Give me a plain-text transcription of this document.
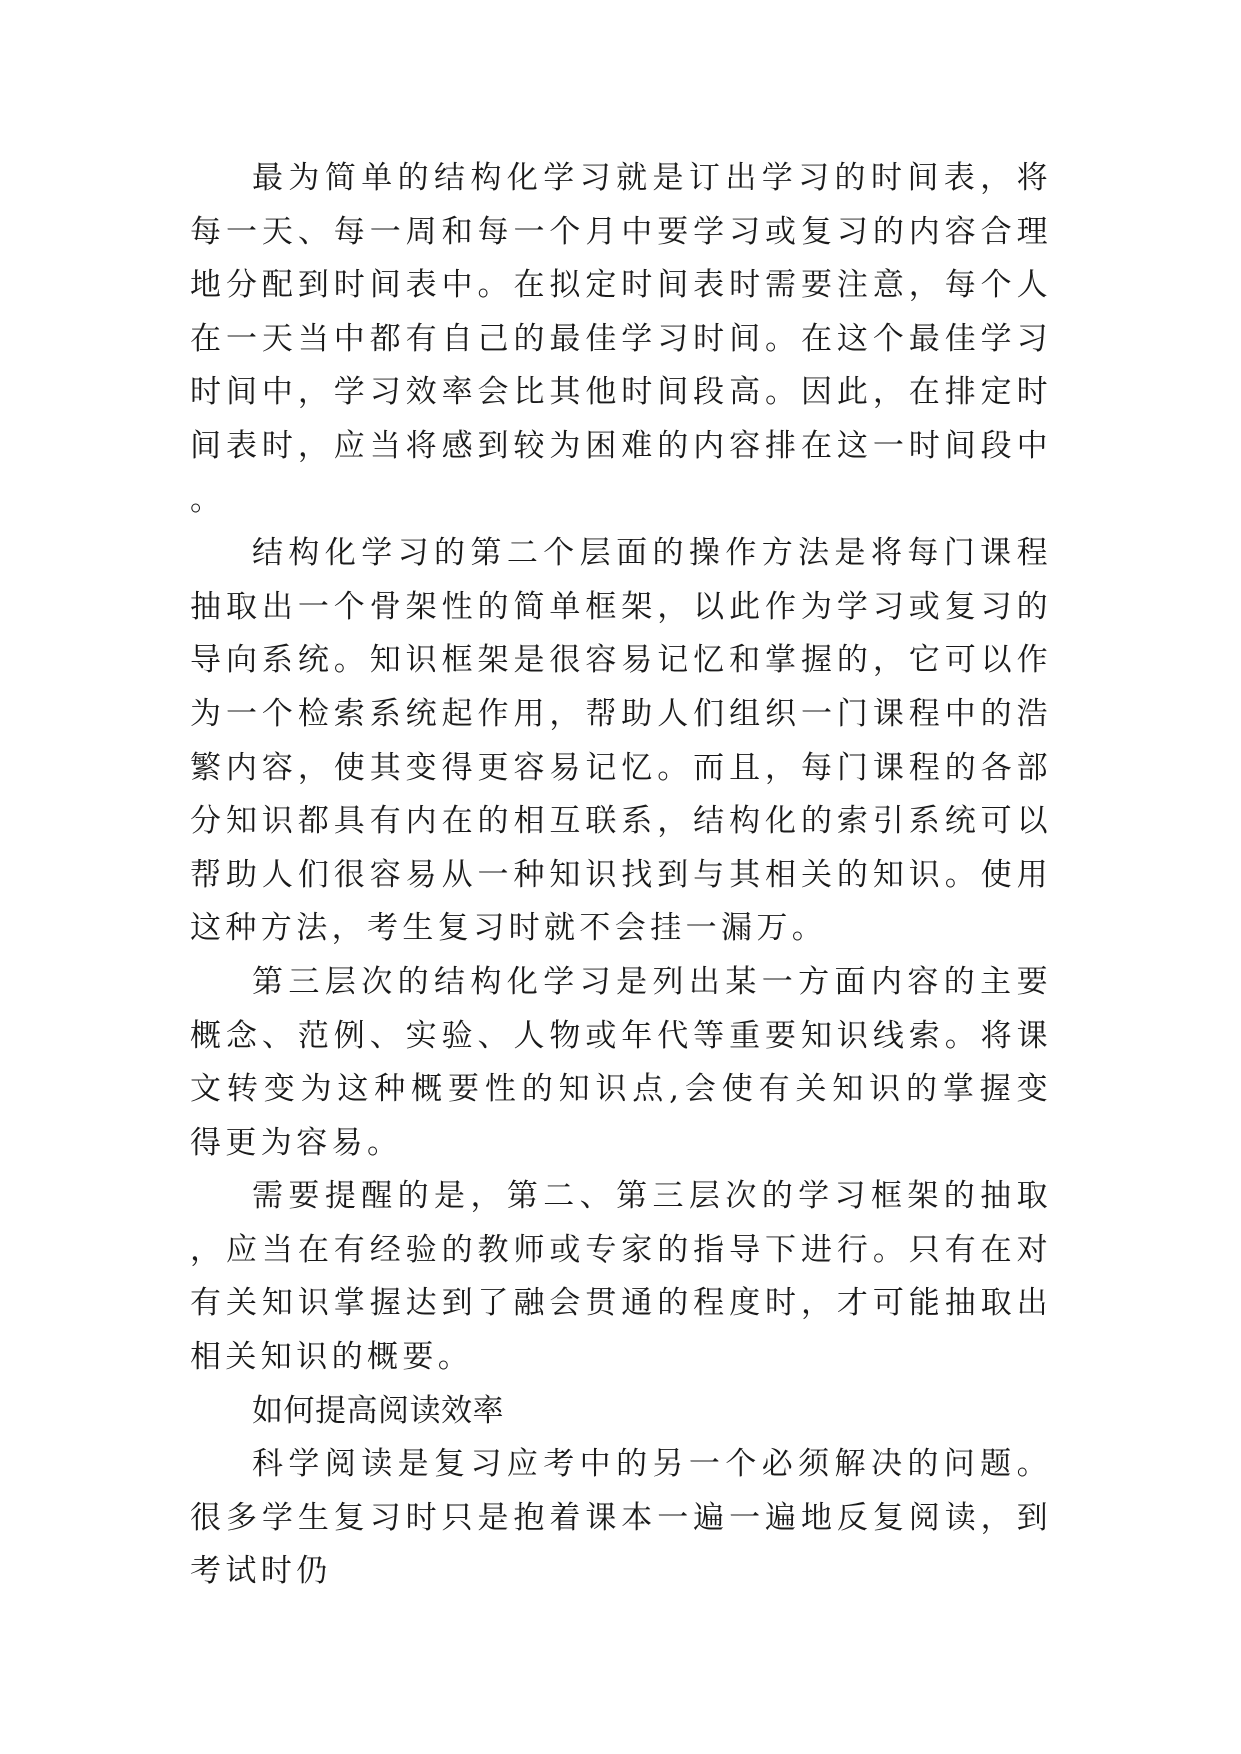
最为简单的结构化学习就是订出学习的时间表，将每一天、每一周和每一个月中要学习或复习的内容合理地分配到时间表中。在拟定时间表时需要注意，每个人在一天当中都有自己的最佳学习时间。在这个最佳学习时间中，学习效率会比其他时间段高。因此，在排定时间表时，应当将感到较为困难的内容排在这一时间段中。

结构化学习的第二个层面的操作方法是将每门课程抽取出一个骨架性的简单框架，以此作为学习或复习的导向系统。知识框架是很容易记忆和掌握的，它可以作为一个检索系统起作用，帮助人们组织一门课程中的浩繁内容，使其变得更容易记忆。而且，每门课程的各部分知识都具有内在的相互联系，结构化的索引系统可以帮助人们很容易从一种知识找到与其相关的知识。使用这种方法，考生复习时就不会挂一漏万。

第三层次的结构化学习是列出某一方面内容的主要概念、范例、实验、人物或年代等重要知识线索。将课文转变为这种概要性的知识点,会使有关知识的掌握变得更为容易。

需要提醒的是，第二、第三层次的学习框架的抽取，应当在有经验的教师或专家的指导下进行。只有在对有关知识掌握达到了融会贯通的程度时，才可能抽取出相关知识的概要。

如何提高阅读效率

科学阅读是复习应考中的另一个必须解决的问题。很多学生复习时只是抱着课本一遍一遍地反复阅读，到考试时仍
